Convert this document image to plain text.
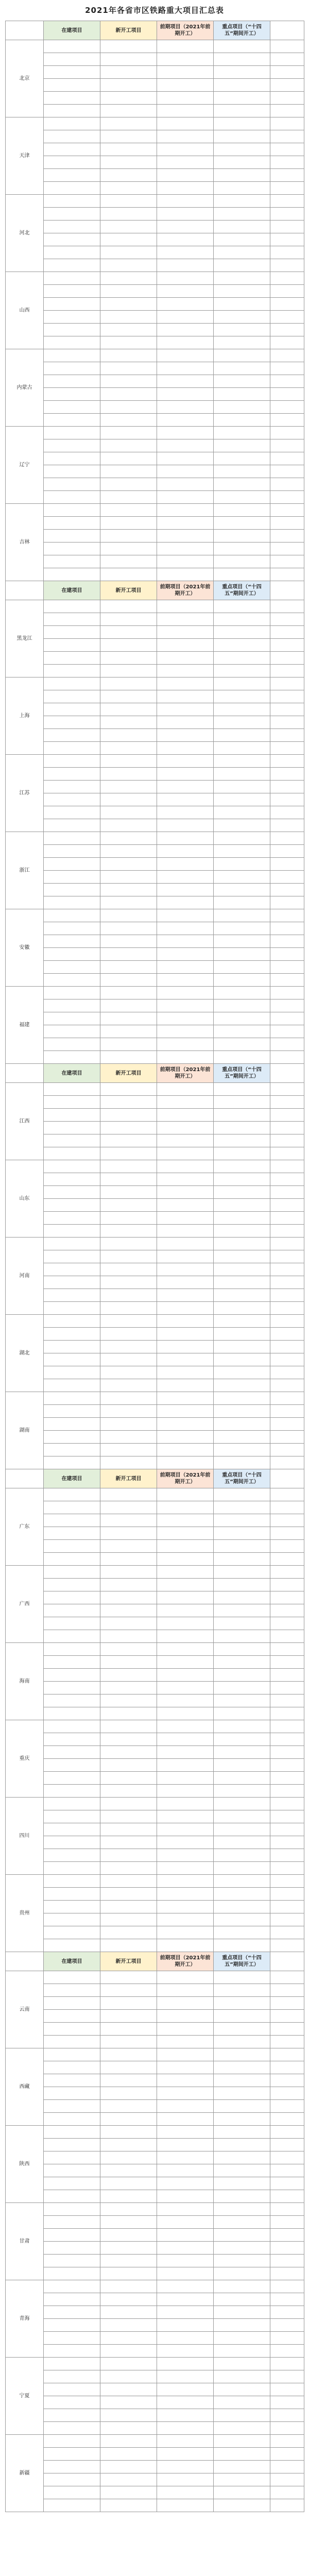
2021年各省市区铁路重大项目汇总表
	在建项目	新开工项目	前期项目（2021年前期开工）	重点项目（“十四五”期间开工）	
北京					

天津					

河北					

山西					

内蒙古					

辽宁					

吉林					

	在建项目	新开工项目	前期项目（2021年前期开工）	重点项目（“十四五”期间开工）	
黑龙江					

上海					

江苏					

浙江					

安徽					

福建					

	在建项目	新开工项目	前期项目（2021年前期开工）	重点项目（“十四五”期间开工）	
江西					

山东					

河南					

湖北					

湖南					

	在建项目	新开工项目	前期项目（2021年前期开工）	重点项目（“十四五”期间开工）	
广东					

广西					

海南					

重庆					

四川					

贵州					

	在建项目	新开工项目	前期项目（2021年前期开工）	重点项目（“十四五”期间开工）	
云南					

西藏					

陕西					

甘肃					

青海					

宁夏					

新疆					
